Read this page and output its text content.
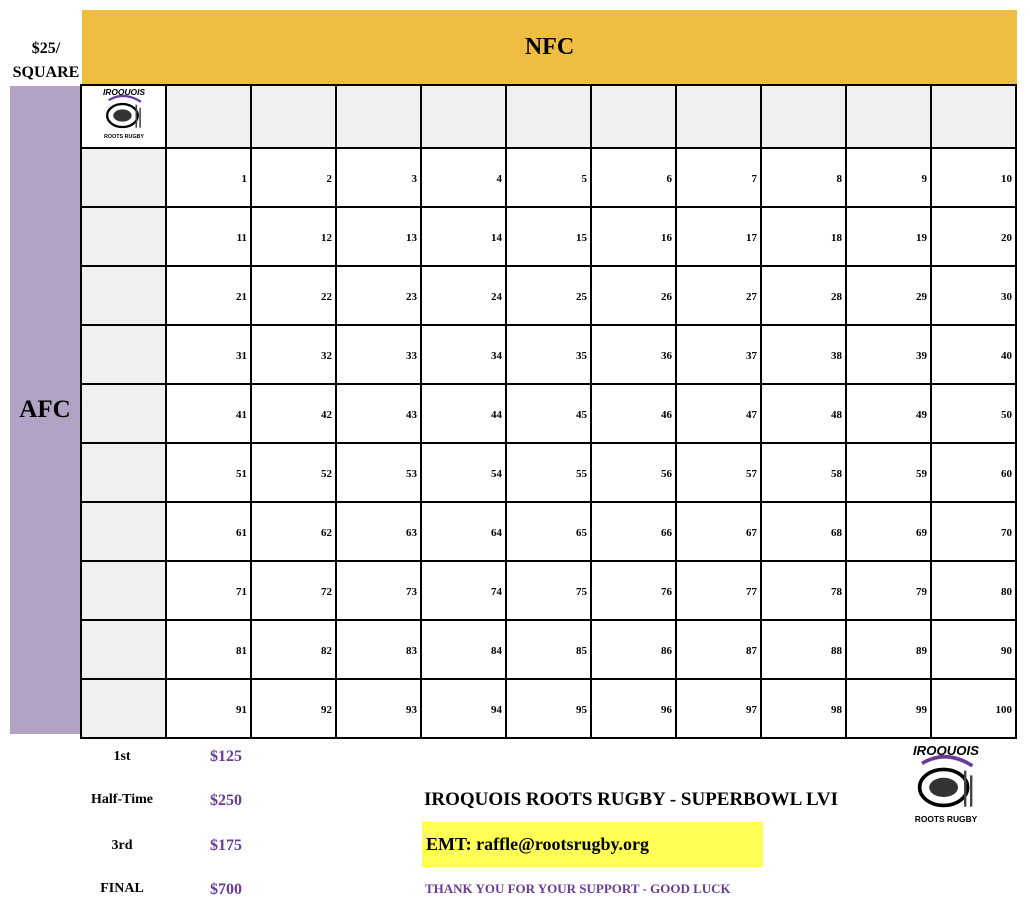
$25/
SQUARE
NFC
AFC
IROQUOIS
ROOTS RUGBY										

	1	2	3	4	5	6	7	8	9	10
	11	12	13	14	15	16	17	18	19	20
	21	22	23	24	25	26	27	28	29	30
	31	32	33	34	35	36	37	38	39	40
	41	42	43	44	45	46	47	48	49	50
	51	52	53	54	55	56	57	58	59	60
	61	62	63	64	65	66	67	68	69	70
	71	72	73	74	75	76	77	78	79	80
	81	82	83	84	85	86	87	88	89	90
	91	92	93	94	95	96	97	98	99	100
1st	$125
Half-Time	$250
3rd	$175
FINAL	$700
IROQUOIS ROOTS RUGBY - SUPERBOWL LVI
EMT: raffle@rootsrugby.org
THANK YOU FOR YOUR SUPPORT - GOOD LUCK
IROQUOIS
ROOTS RUGBY
